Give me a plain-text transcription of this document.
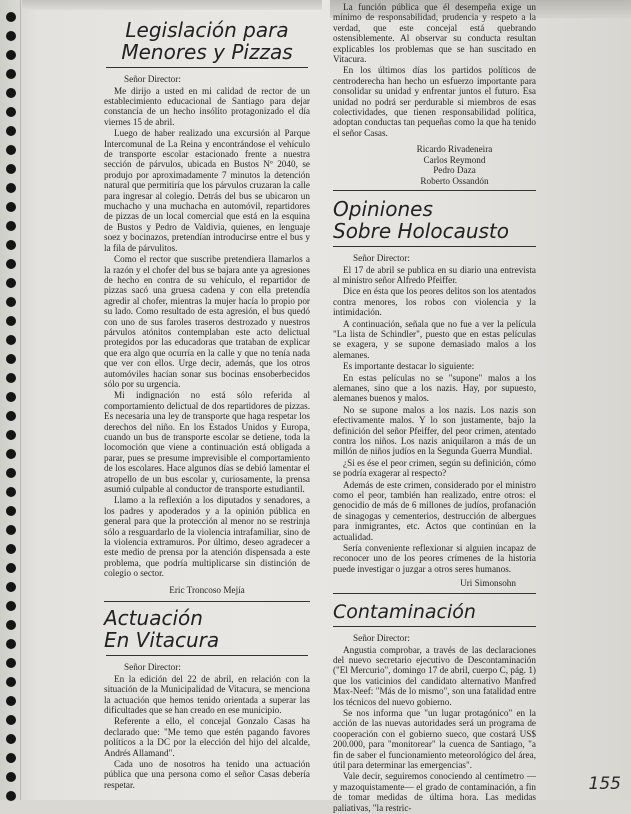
Legislación para
Menores y Pizzas

Señor Director:

Me dirijo a usted en mi calidad de rector de un establecimiento educacional de Santiago para dejar constancia de un hecho insólito protagonizado el día viernes 15 de abril.

Luego de haber realizado una excursión al Parque Intercomunal de La Reina y encontrándose el vehículo de transporte escolar estacionado frente a nuestra sección de párvulos, ubicada en Bustos Nº 2040, se produjo por aproximadamente 7 minutos la detención natural que permitiría que los párvulos cruzaran la calle para ingresar al colegio. Detrás del bus se ubicaron un muchacho y una muchacha en automóvil, repartidores de pizzas de un local comercial que está en la esquina de Bustos y Pedro de Valdivia, quienes, en lenguaje soez y bocinazos, pretendían introducirse entre el bus y la fila de párvulitos.

Como el rector que suscribe pretendiera llamarlos a la razón y el chofer del bus se bajara ante ya agresiones de hecho en contra de su vehículo, el repartidor de pizzas sacó una gruesa cadena y con ella pretendía agredir al chofer, mientras la mujer hacía lo propio por su lado. Como resultado de esta agresión, el bus quedó con uno de sus faroles traseros destrozado y nuestros párvulos atónitos contemplaban este acto delictual protegidos por las educadoras que trataban de explicar que era algo que ocurría en la calle y que no tenía nada que ver con ellos. Urge decir, además, que los otros automóviles hacían sonar sus bocinas ensoberbecidos sólo por su urgencia.

Mi indignación no está sólo referida al comportamiento delictual de dos repartidores de pizzas. Es necesaria una ley de transporte que haga respetar los derechos del niño. En los Estados Unidos y Europa, cuando un bus de transporte escolar se detiene, toda la locomoción que viene a continuación está obligada a parar, pues se presume imprevisible el comportamiento de los escolares. Hace algunos días se debió lamentar el atropello de un bus escolar y, curiosamente, la prensa asumió culpable al conductor de transporte estudiantil.

Llamo a la reflexión a los diputados y senadores, a los padres y apoderados y a la opinión pública en general para que la protección al menor no se restrinja sólo a resguardarlo de la violencia intrafamiliar, sino de la violencia extramuros. Por último, deseo agradecer a este medio de prensa por la atención dispensada a este problema, que podría multiplicarse sin distinción de colegio o sector.

Eric Troncoso Mejía
Actuación
En Vitacura

Señor Director:

En la edición del 22 de abril, en relación con la situación de la Municipalidad de Vitacura, se menciona la actuación que hemos tenido orientada a superar las dificultades que se han creado en ese municipio.

Referente a ello, el concejal Gonzalo Casas ha declarado que: "Me temo que estén pagando favores políticos a la DC por la elección del hijo del alcalde, Andrés Allamand".

Cada uno de nosotros ha tenido una actuación pública que una persona como el señor Casas debería respetar.

La función pública que él desempeña exige un mínimo de responsabilidad, prudencia y respeto a la verdad, que este concejal está quebrando ostensiblemente. Al observar su conducta resultan explicables los problemas que se han suscitado en Vitacura.

En los últimos días los partidos políticos de centroderecha han hecho un esfuerzo importante para consolidar su unidad y enfrentar juntos el futuro. Esa unidad no podrá ser perdurable si miembros de esas colectividades, que tienen responsabilidad política, adoptan conductas tan pequeñas como la que ha tenido el señor Casas.

Ricardo Rivadeneira
Carlos Reymond
Pedro Daza
Roberto Ossandón
Opiniones
Sobre Holocausto

Señor Director:

El 17 de abril se publica en su diario una entrevista al ministro señor Alfredo Pfeiffer.

Dice en ésta que los peores delitos son los atentados contra menores, los robos con violencia y la intimidación.

A continuación, señala que no fue a ver la película "La lista de Schindler", puesto que en estas películas se exagera, y se supone demasiado malos a los alemanes.

Es importante destacar lo siguiente:

En estas películas no se "supone" malos a los alemanes, sino que a los nazis. Hay, por supuesto, alemanes buenos y malos.

No se supone malos a los nazis. Los nazis son efectivamente malos. Y lo son justamente, bajo la definición del señor Pfeiffer, del peor crimen, atentado contra los niños. Los nazis aniquilaron a más de un millón de niños judíos en la Segunda Guerra Mundial.

¿Si es ése el peor crimen, según su definición, cómo se podría exagerar al respecto?

Además de este crimen, considerado por el ministro como el peor, también han realizado, entre otros: el genocidio de más de 6 millones de judíos, profanación de sinagogas y cementerios, destrucción de albergues para inmigrantes, etc. Actos que continúan en la actualidad.

Sería conveniente reflexionar si alguien incapaz de reconocer uno de los peores crímenes de la historia puede investigar o juzgar a otros seres humanos.

Uri Simonsohn
Contaminación

Señor Director:

Angustia comprobar, a través de las declaraciones del nuevo secretario ejecutivo de Descontaminación ("El Mercurio", domingo 17 de abril, cuerpo C, pág. 1) que los vaticinios del candidato alternativo Manfred Max-Neef: "Más de lo mismo", son una fatalidad entre los técnicos del nuevo gobierno.

Se nos informa que "un lugar protagónico" en la acción de las nuevas autoridades será un programa de cooperación con el gobierno sueco, que costará US$ 200.000, para "monitorear" la cuenca de Santiago, "a fin de saber el funcionamiento meteorológico del área, útil para determinar las emergencias".

Vale decir, seguiremos conociendo al centímetro —y mazoquistamente— el grado de contaminación, a fin de tomar medidas de última hora. Las medidas paliativas, "la restric-

155
